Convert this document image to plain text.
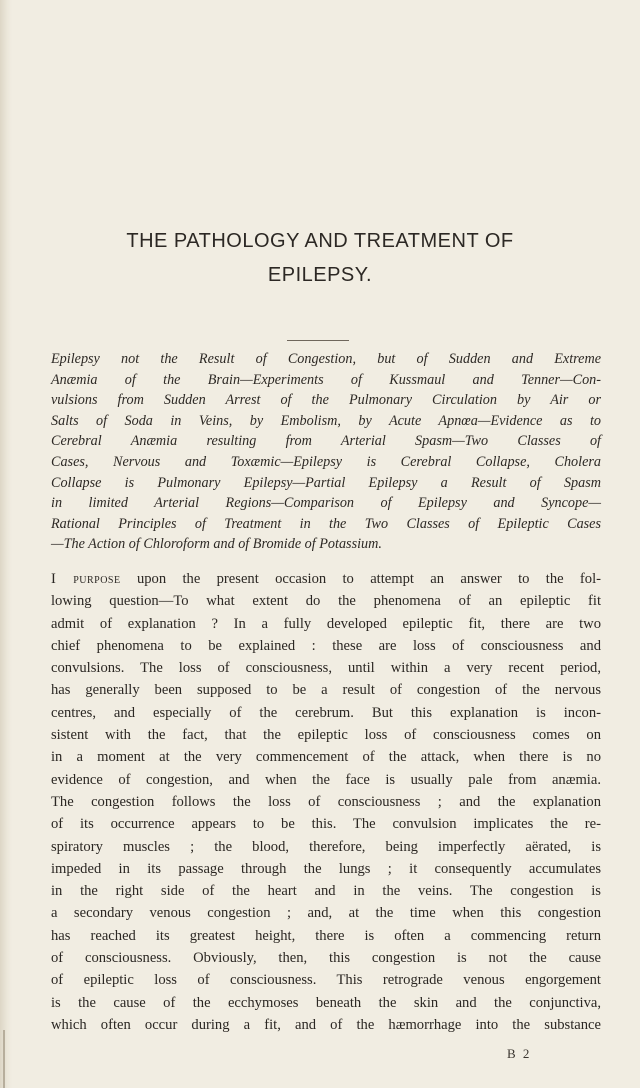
THE PATHOLOGY AND TREATMENT OF
EPILEPSY.
Epilepsy not the Result of Congestion, but of Sudden and Extreme
Anæmia of the Brain—Experiments of Kussmaul and Tenner—Con-
vulsions from Sudden Arrest of the Pulmonary Circulation by Air or
Salts of Soda in Veins, by Embolism, by Acute Apnœa—Evidence as to
Cerebral Anæmia resulting from Arterial Spasm—Two Classes of
Cases, Nervous and Toxæmic—Epilepsy is Cerebral Collapse, Cholera
Collapse is Pulmonary Epilepsy—Partial Epilepsy a Result of Spasm
in limited Arterial Regions—Comparison of Epilepsy and Syncope—
Rational Principles of Treatment in the Two Classes of Epileptic Cases
—The Action of Chloroform and of Bromide of Potassium.
I purpose upon the present occasion to attempt an answer to the fol-
lowing question—To what extent do the phenomena of an epileptic fit
admit of explanation ? In a fully developed epileptic fit, there are two
chief phenomena to be explained : these are loss of consciousness and
convulsions. The loss of consciousness, until within a very recent period,
has generally been supposed to be a result of congestion of the nervous
centres, and especially of the cerebrum. But this explanation is incon-
sistent with the fact, that the epileptic loss of consciousness comes on
in a moment at the very commencement of the attack, when there is no
evidence of congestion, and when the face is usually pale from anæmia.
The congestion follows the loss of consciousness ; and the explanation
of its occurrence appears to be this. The convulsion implicates the re-
spiratory muscles ; the blood, therefore, being imperfectly aërated, is
impeded in its passage through the lungs ; it consequently accumulates
in the right side of the heart and in the veins. The congestion is
a secondary venous congestion ; and, at the time when this congestion
has reached its greatest height, there is often a commencing return
of consciousness. Obviously, then, this congestion is not the cause
of epileptic loss of consciousness. This retrograde venous engorgement
is the cause of the ecchymoses beneath the skin and the conjunctiva,
which often occur during a fit, and of the hæmorrhage into the substance
B 2
